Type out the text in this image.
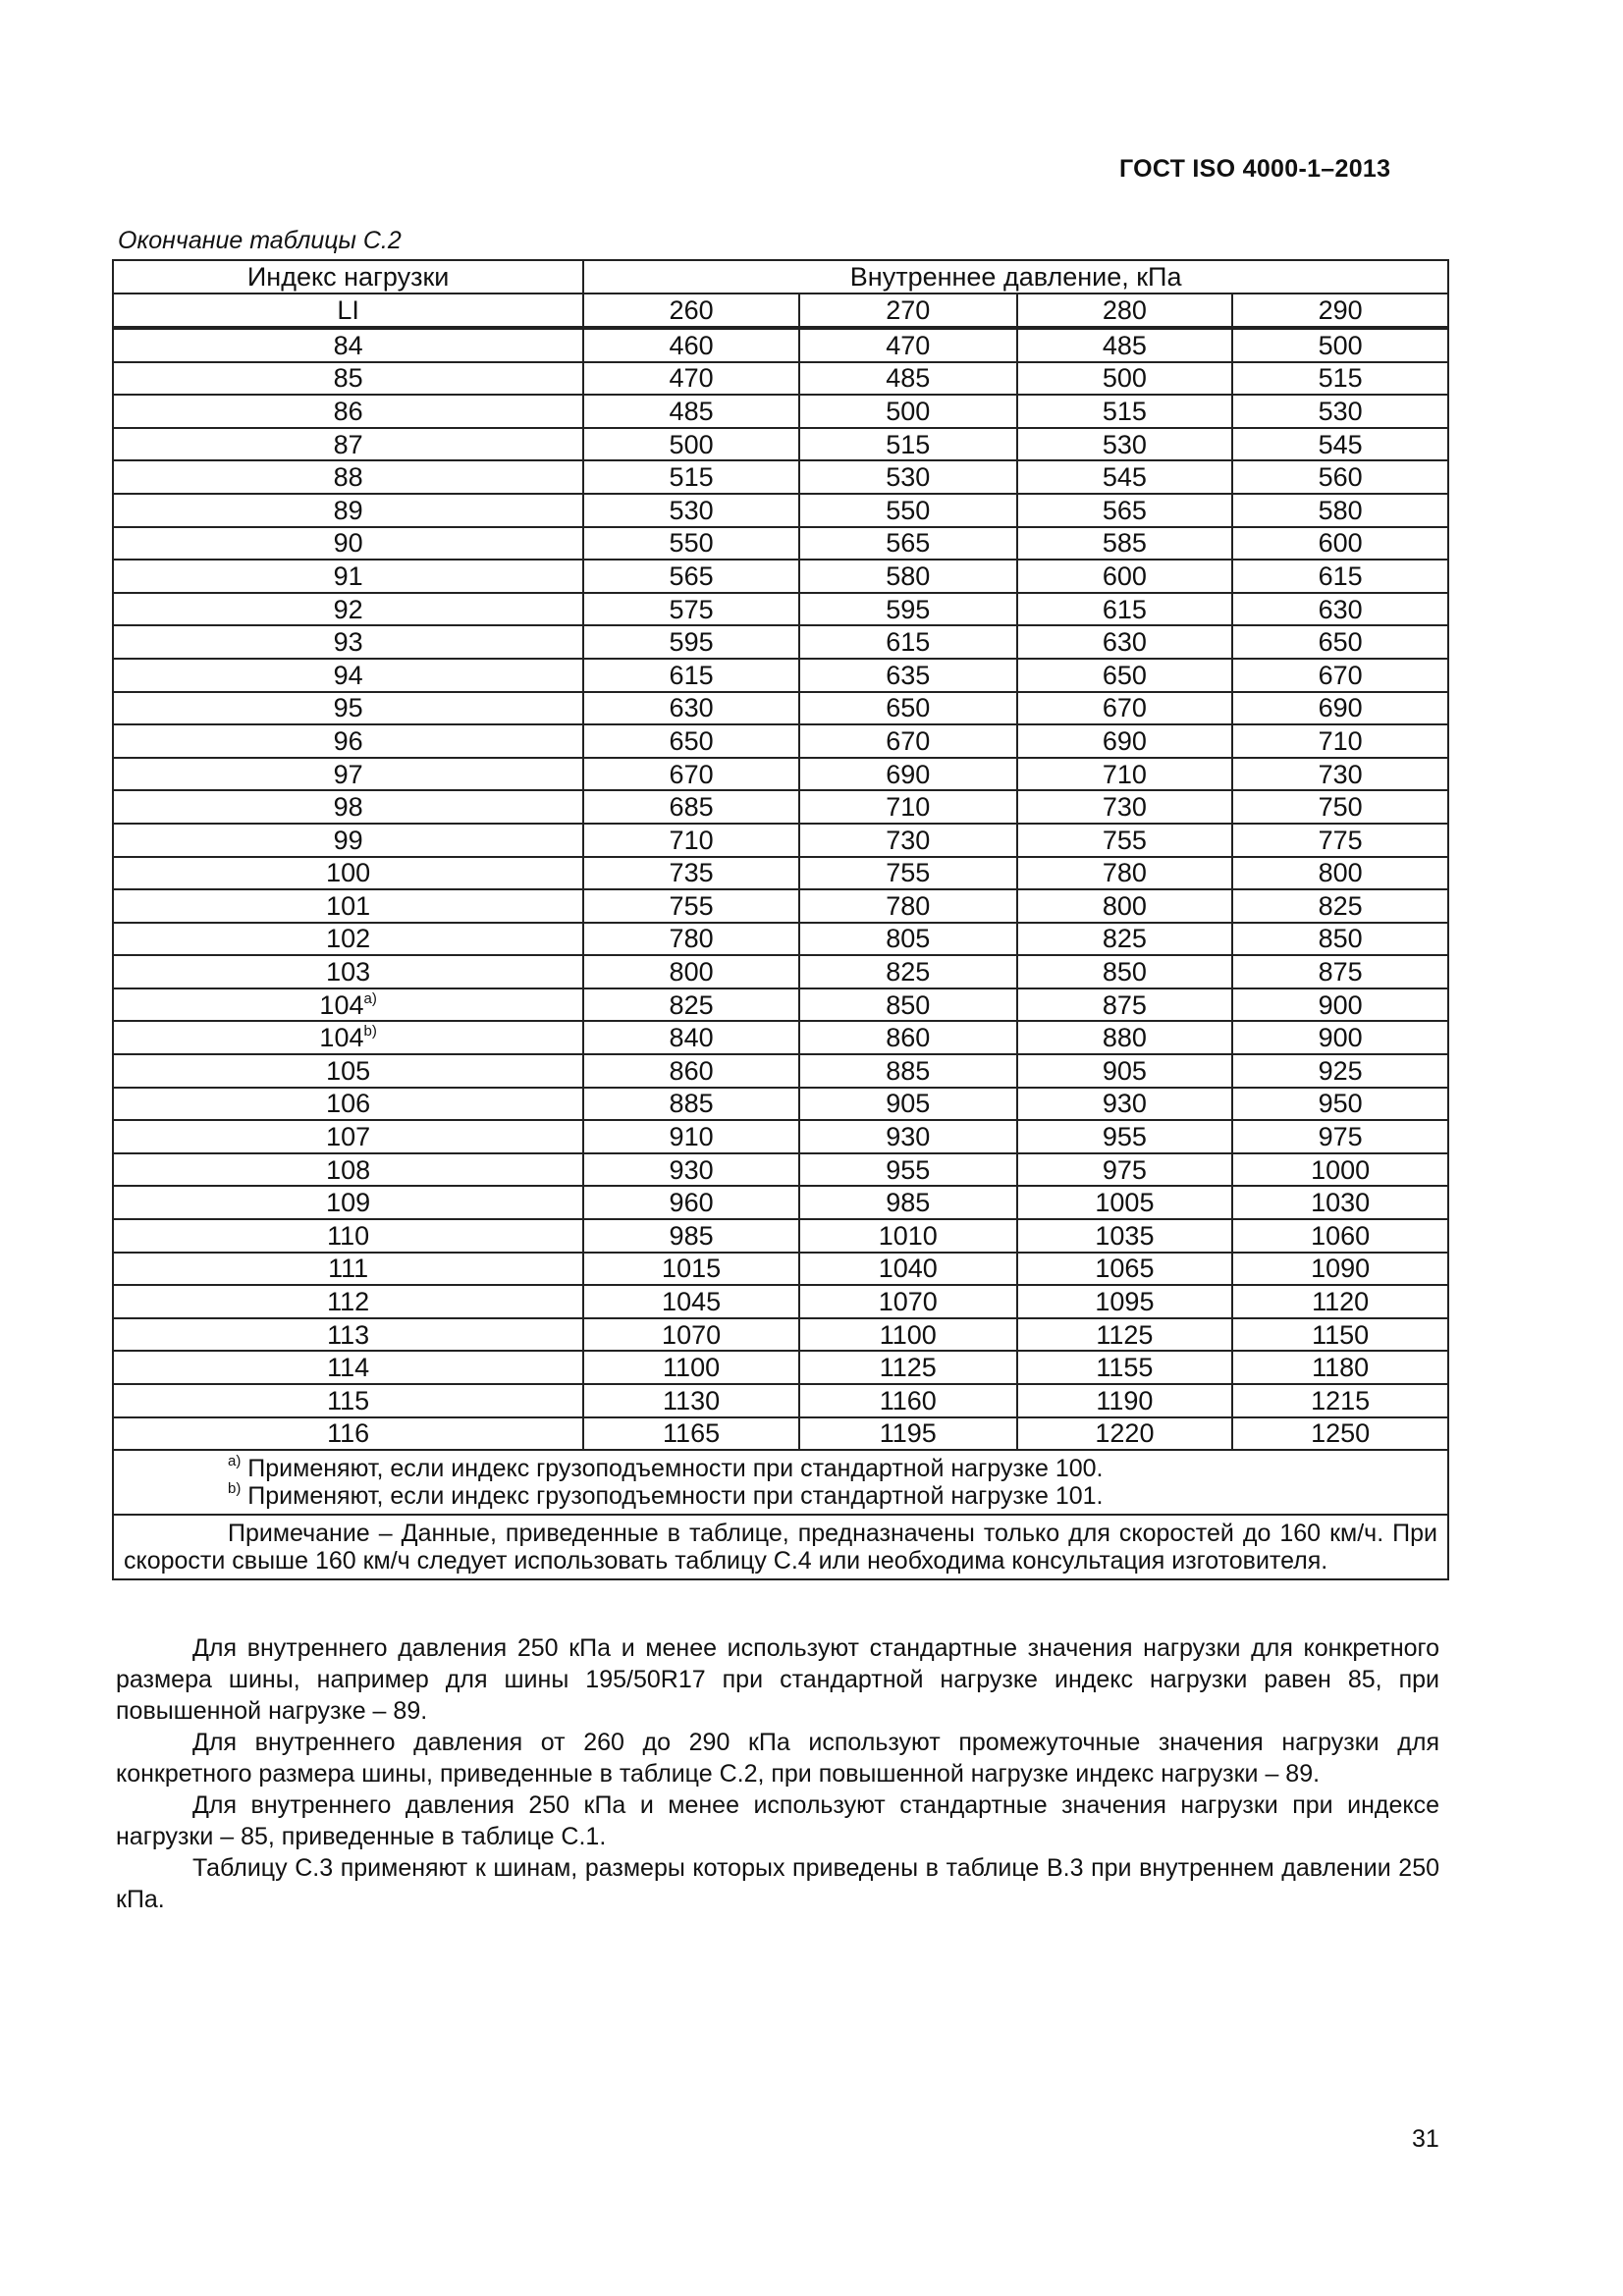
ГОСТ ISO 4000-1–2013
Окончание таблицы С.2
Индекс нагрузки	Внутреннее давление, кПа			
LI	260	270	280	290
84	460	470	485	500
85	470	485	500	515
86	485	500	515	530
87	500	515	530	545
88	515	530	545	560
89	530	550	565	580
90	550	565	585	600
91	565	580	600	615
92	575	595	615	630
93	595	615	630	650
94	615	635	650	670
95	630	650	670	690
96	650	670	690	710
97	670	690	710	730
98	685	710	730	750
99	710	730	755	775
100	735	755	780	800
101	755	780	800	825
102	780	805	825	850
103	800	825	850	875
104$^{a)}$	825	850	875	900
104$^{b)}$	840	860	880	900
105	860	885	905	925
106	885	905	930	950
107	910	930	955	975
108	930	955	975	1000
109	960	985	1005	1030
110	985	1010	1035	1060
111	1015	1040	1065	1090
112	1045	1070	1095	1120
113	1070	1100	1125	1150
114	1100	1125	1155	1180
115	1130	1160	1190	1215
116	1165	1195	1220	1250

$^{a)}$ Применяют, если индекс грузоподъемности при стандартной нагрузке 100.
$^{b)}$ Применяют, если индекс грузоподъемности при стандартной нагрузке 101.				

Примечание – Данные, приведенные в таблице, предназначены только для скоростей до 160 км/ч. При скорости свыше 160 км/ч следует использовать таблицу С.4 или необходима консультация изготовителя.				

Для внутреннего давления 250 кПа и менее используют стандартные значения нагрузки для конкретного размера шины, например для шины 195/50R17 при стандартной нагрузке индекс нагрузки равен 85, при повышенной нагрузке – 89.

Для внутреннего давления от 260 до 290 кПа используют промежуточные значения нагрузки для конкретного размера шины, приведенные в таблице С.2, при повышенной нагрузке индекс нагрузки – 89.

Для внутреннего давления 250 кПа и менее используют стандартные значения нагрузки при индексе нагрузки – 85, приведенные в таблице С.1.

Таблицу С.3 применяют к шинам, размеры которых приведены в таблице В.3 при внутреннем давлении 250 кПа.

31
